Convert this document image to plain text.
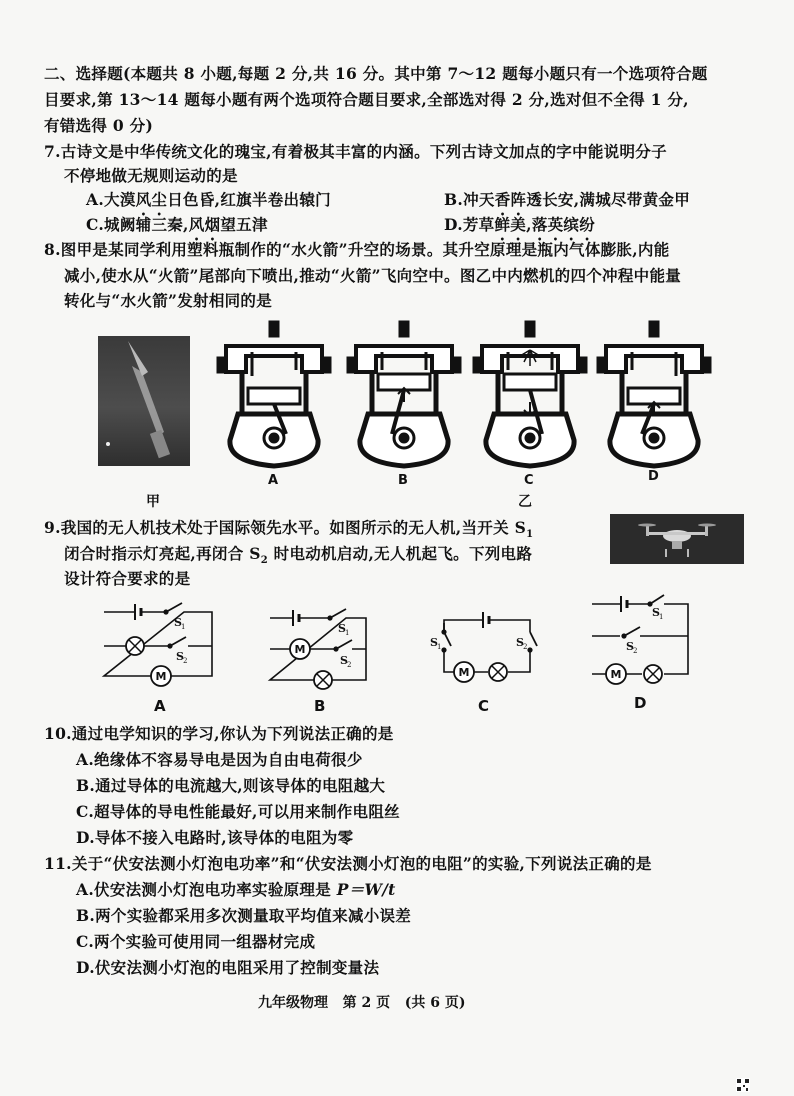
二、选择题(本题共 8 小题,每题 2 分,共 16 分。其中第 7～12 题每小题只有一个选项符合题
目要求,第 13～14 题每小题有两个选项符合题目要求,全部选对得 2 分,选对但不全得 1 分,
有错选得 0 分)
7.古诗文是中华传统文化的瑰宝,有着极其丰富的内涵。下列古诗文加点的字中能说明分子
不停地做无规则运动的是
A.大漠风尘日色昏,红旗半卷出辕门	B.冲天香阵透长安,满城尽带黄金甲
C.城阙辅三秦,风烟望五津	D.芳草鲜美,落英缤纷
8.图甲是某同学利用塑料瓶制作的“水火箭”升空的场景。其升空原理是瓶内气体膨胀,内能
减小,使水从“火箭”尾部向下喷出,推动“火箭”飞向空中。图乙中内燃机的四个冲程中能量
转化与“水火箭”发射相同的是
A	B	C	D
甲	乙
9.我国的无人机技术处于国际领先水平。如图所示的无人机,当开关 $S_1$
闭合时指示灯亮起,再闭合 $S_2$ 时电动机启动,无人机起飞。下列电路
设计符合要求的是
S 1
S 2
M
S 1
M
S 2
S 1	S 2
M
S 1
S 2
M
A	B	C	D
10.通过电学知识的学习,你认为下列说法正确的是
A.绝缘体不容易导电是因为自由电荷很少
B.通过导体的电流越大,则该导体的电阻越大
C.超导体的导电性能最好,可以用来制作电阻丝
D.导体不接入电路时,该导体的电阻为零
11.关于“伏安法测小灯泡电功率”和“伏安法测小灯泡的电阻”的实验,下列说法正确的是
A.伏安法测小灯泡电功率实验原理是 P＝W/t
B.两个实验都采用多次测量取平均值来减小误差
C.两个实验可使用同一组器材完成
D.伏安法测小灯泡的电阻采用了控制变量法
九年级物理   第 2 页   (共 6 页)
